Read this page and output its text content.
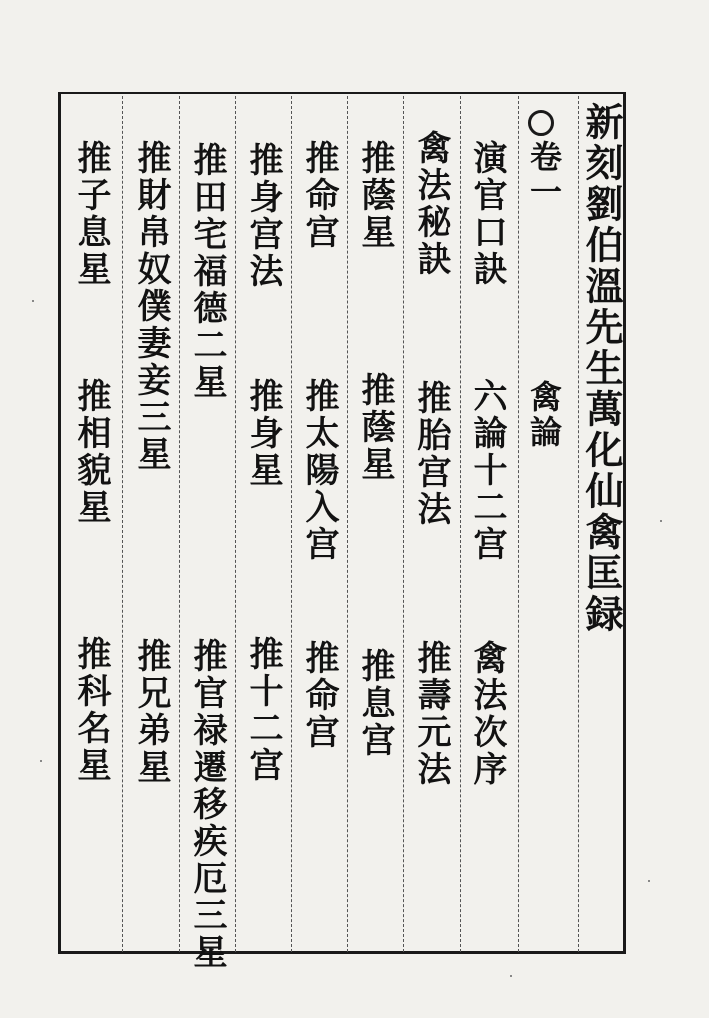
新刻劉伯溫先生萬化仙禽匡録
卷一
禽論
演官口訣
六論十二宫
禽法次序
禽法秘訣
推胎宫法
推壽元法
推蔭星
推蔭星
推息宫
推命宫
推太陽入宫
推命宫
推身宫法
推身星
推十二宫
推田宅福德二星
推官禄遷移疾厄三星
推財帛奴僕妻妾三星
推兄弟星
推子息星
推相貌星
推科名星
